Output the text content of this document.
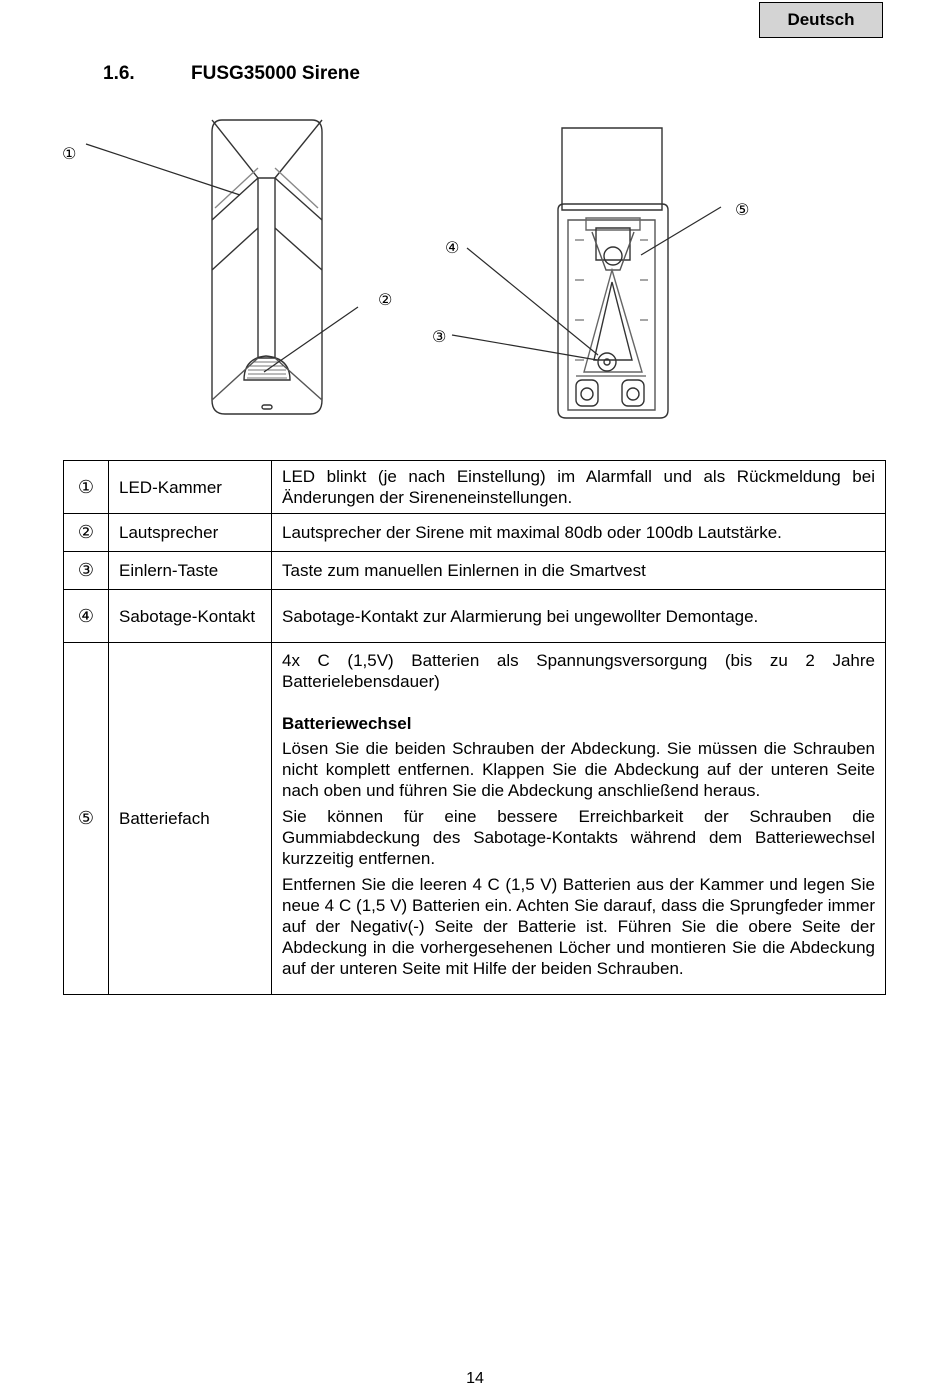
Deutsch
1.6.	FUSG35000 Sirene
①
②
③
④
⑤
①	LED-Kammer	LED blinkt (je nach Einstellung) im Alarmfall und als Rückmeldung bei Änderungen der Sireneneinstellungen.
②	Lautsprecher	Lautsprecher der Sirene mit maximal 80db oder 100db Lautstärke.
③	Einlern-Taste	Taste zum manuellen Einlernen in die Smartvest
④	Sabotage-Kontakt	Sabotage-Kontakt zur Alarmierung bei ungewollter Demontage.
⑤	Batteriefach	4x C (1,5V) Batterien als Spannungsversorgung (bis zu 2 Jahre Batterielebensdauer)

Batteriewechsel

Lösen Sie die beiden Schrauben der Abdeckung. Sie müssen die Schrauben nicht komplett entfernen. Klappen Sie die Abdeckung auf der unteren Seite nach oben und führen Sie die Abdeckung anschließend heraus.

Sie können für eine bessere Erreichbarkeit der Schrauben die Gummiabdeckung des Sabotage-Kontakts während dem Batteriewechsel kurzzeitig entfernen.

Entfernen Sie die leeren 4 C (1,5 V) Batterien aus der Kammer und legen Sie neue 4 C (1,5 V) Batterien ein. Achten Sie darauf, dass die Sprungfeder immer auf der Negativ(-) Seite der Batterie ist. Führen Sie die obere Seite der Abdeckung in die vorhergesehenen Löcher und montieren Sie die Abdeckung auf der unteren Seite mit Hilfe der beiden Schrauben.

14
